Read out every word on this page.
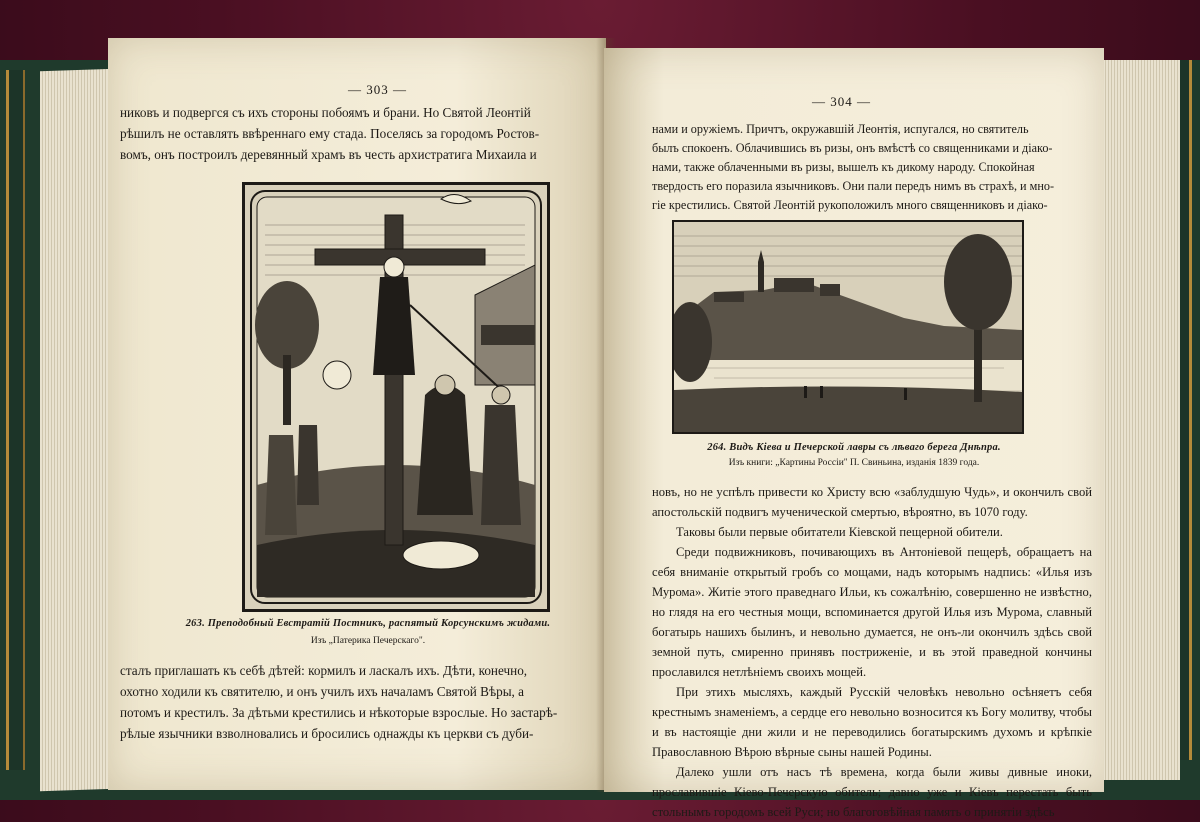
— 303 —
никовъ и подвергся съ ихъ стороны побоямъ и брани. Но Святой Леонтій
рѣшилъ не оставлять ввѣреннаго ему стада. Поселясь за городомъ Ростов-
вомъ, онъ построилъ деревянный храмъ въ честь архистратига Михаила и
263. Преподобный Евстратій Постникъ, распятый Корсунскимъ жидами.
Изъ „Патерика Печерскаго".
сталъ приглашать къ себѣ дѣтей: кормилъ и ласкалъ ихъ. Дѣти, конечно,
охотно ходили къ святителю, и онъ училъ ихъ началамъ Святой Вѣры, а
потомъ и крестилъ. За дѣтьми крестились и нѣкоторые взрослые. Но застарѣ-
рѣлые язычники взволновались и бросились однажды къ церкви съ дуби-
— 304 —
нами и оружіемъ. Причтъ, окружавшій Леонтія, испугался, но святитель
былъ спокоенъ. Облачившись въ ризы, онъ вмѣстѣ со священниками и діако-
нами, также облаченными въ ризы, вышелъ къ дикому народу. Спокойная
твердость его поразила язычниковъ. Они пали передъ нимъ въ страхѣ, и мно-
гіе крестились. Святой Леонтій рукоположилъ много священниковъ и діако-
264. Видъ Кіева и Печерской лавры съ лѣваго берега Днѣпра.
Изъ книги: „Картины Россіи" П. Свиньина, изданія 1839 года.

новъ, но не успѣлъ привести ко Христу всю «заблудшую Чудь», и окончилъ свой апостольскій подвигъ мученической смертью, вѣроятно, въ 1070 году.

Таковы были первые обитатели Кіевской пещерной обители.

Среди подвижниковъ, почивающихъ въ Антоніевой пещерѣ, обращаетъ на себя вниманіе открытый гробъ со мощами, надъ которымъ надпись: «Илья изъ Мурома». Житіе этого праведнаго Ильи, къ сожалѣнію, совершенно не извѣстно, но глядя на его честныя мощи, вспоминается другой Илья изъ Мурома, славный богатырь нашихъ былинъ, и невольно думается, не онъ-ли окончилъ здѣсь свой земной путь, смиренно принявъ постриженіе, и въ этой праведной кончины прославился нетлѣніемъ своихъ мощей.

При этихъ мысляхъ, каждый Русскій человѣкъ невольно осѣняетъ себя крестнымъ знаменіемъ, а сердце его невольно возносится къ Богу молитву, чтобы и въ настоящіе дни жили и не переводились богатырскимъ духомъ и крѣпкіе Православною Вѣрою вѣрные сыны нашей Родины.

Далеко ушли отъ насъ тѣ времена, когда были живы дивные иноки, прославившіе Кіево-Печерскую обитель; давно уже и Кіевъ перестать быть стольнымъ городомъ всей Руси; но благоговѣйная память о принятіи здѣсь
